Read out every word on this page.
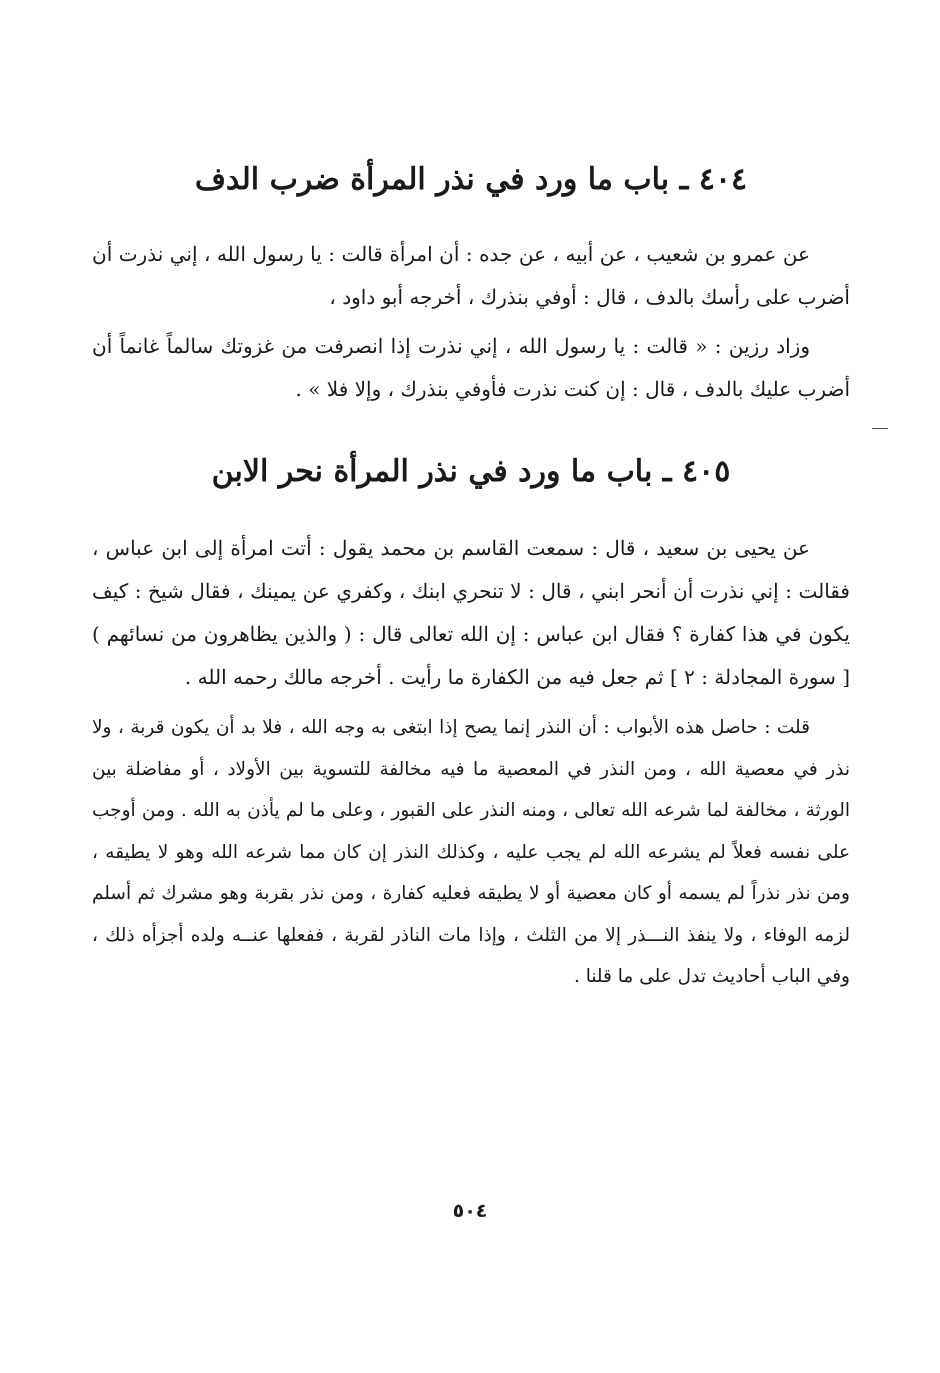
٤٠٤ ـ باب ما ورد في نذر المرأة ضرب الدف

عن عمرو بن شعيب ، عن أبيه ، عن جده : أن امرأة قالت : يا رسول الله ، إني نذرت أن أضرب على رأسك بالدف ، قال : أوفي بنذرك ، أخرجه أبو داود ،

وزاد رزين : « قالت : يا رسول الله ، إني نذرت إذا انصرفت من غزوتك سالماً غانماً أن أضرب عليك بالدف ، قال : إن كنت نذرت فأوفي بنذرك ، وإلا فلا » .

٤٠٥ ـ باب ما ورد في نذر المرأة نحر الابن

عن يحيى بن سعيد ، قال : سمعت القاسم بن محمد يقول : أتت امرأة إلى ابن عباس ، فقالت : إني نذرت أن أنحر ابني ، قال : لا تنحري ابنك ، وكفري عن يمينك ، فقال شيخ : كيف يكون في هذا كفارة ؟ فقال ابن عباس : إن الله تعالى قال : ( والذين يظاهرون من نسائهم ) [ سورة المجادلة : ٢ ] ثم جعل فيه من الكفارة ما رأيت . أخرجه مالك رحمه الله .

قلت : حاصل هذه الأبواب : أن النذر إنما يصح إذا ابتغى به وجه الله ، فلا بد أن يكون قربة ، ولا نذر في معصية الله ، ومن النذر في المعصية ما فيه مخالفة للتسوية بين الأولاد ، أو مفاضلة بين الورثة ، مخالفة لما شرعه الله تعالى ، ومنه النذر على القبور ، وعلى ما لم يأذن به الله . ومن أوجب على نفسه فعلاً لم يشرعه الله لم يجب عليه ، وكذلك النذر إن كان مما شرعه الله وهو لا يطيقه ، ومن نذر نذراً لم يسمه أو كان معصية أو لا يطيقه فعليه كفارة ، ومن نذر بقربة وهو مشرك ثم أسلم لزمه الوفاء ، ولا ينفذ النـــذر إلا من الثلث ، وإذا مات الناذر لقربة ، ففعلها عنــه ولده أجزأه ذلك ، وفي الباب أحاديث تدل على ما قلنا .

٥٠٤
